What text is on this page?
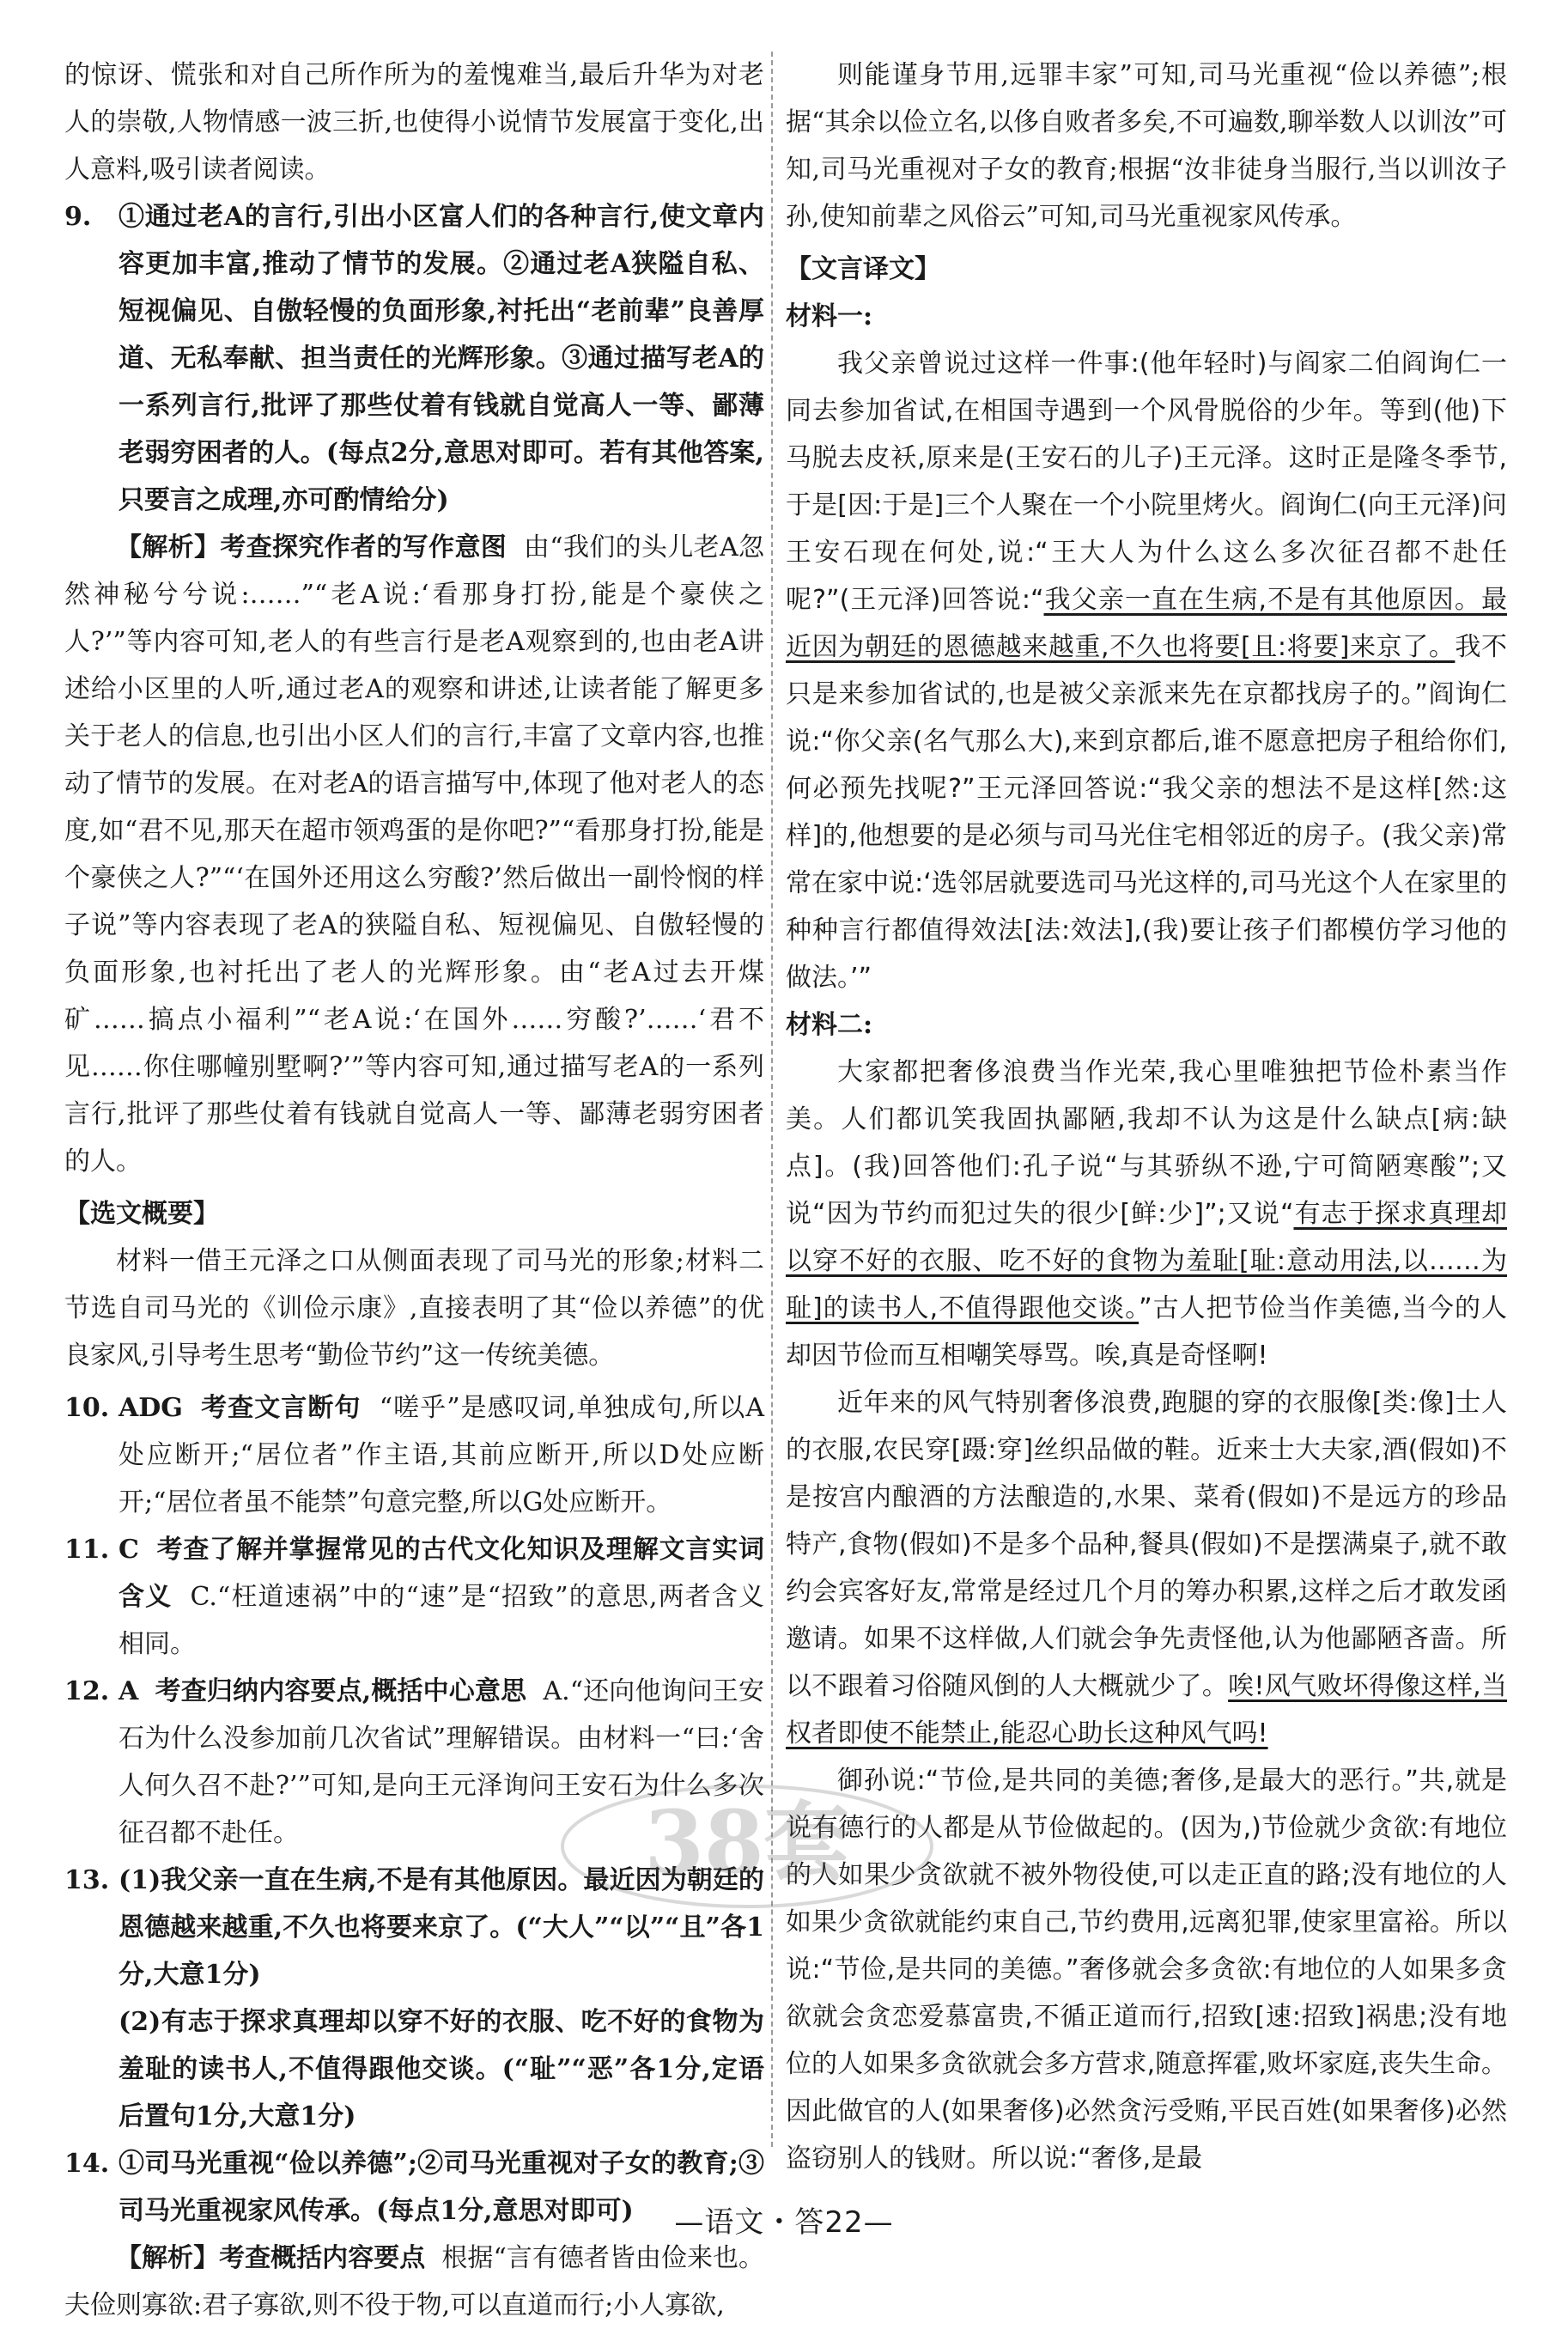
的惊讶、慌张和对自己所作所为的羞愧难当,最后升华为对老人的崇敬,人物情感一波三折,也使得小说情节发展富于变化,出人意料,吸引读者阅读。

9. ①通过老A的言行,引出小区富人们的各种言行,使文章内容更加丰富,推动了情节的发展。②通过老A狭隘自私、短视偏见、自傲轻慢的负面形象,衬托出“老前辈”良善厚道、无私奉献、担当责任的光辉形象。③通过描写老A的一系列言行,批评了那些仗着有钱就自觉高人一等、鄙薄老弱穷困者的人。(每点2分,意思对即可。若有其他答案,只要言之成理,亦可酌情给分)

【解析】考查探究作者的写作意图 由“我们的头儿老A忽然神秘兮兮说:……”“老A说:‘看那身打扮,能是个豪侠之人?’”等内容可知,老人的有些言行是老A观察到的,也由老A讲述给小区里的人听,通过老A的观察和讲述,让读者能了解更多关于老人的信息,也引出小区人们的言行,丰富了文章内容,也推动了情节的发展。在对老A的语言描写中,体现了他对老人的态度,如“君不见,那天在超市领鸡蛋的是你吧?”“看那身打扮,能是个豪侠之人?”“‘在国外还用这么穷酸?’然后做出一副怜悯的样子说”等内容表现了老A的狭隘自私、短视偏见、自傲轻慢的负面形象,也衬托出了老人的光辉形象。由“老A过去开煤矿……搞点小福利”“老A说:‘在国外……穷酸?’……‘君不见……你住哪幢别墅啊?’”等内容可知,通过描写老A的一系列言行,批评了那些仗着有钱就自觉高人一等、鄙薄老弱穷困者的人。

【选文概要】

材料一借王元泽之口从侧面表现了司马光的形象;材料二节选自司马光的《训俭示康》,直接表明了其“俭以养德”的优良家风,引导考生思考“勤俭节约”这一传统美德。

10. ADG 考查文言断句 “嗟乎”是感叹词,单独成句,所以A处应断开;“居位者”作主语,其前应断开,所以D处应断开;“居位者虽不能禁”句意完整,所以G处应断开。
11. C 考查了解并掌握常见的古代文化知识及理解文言实词含义 C.“枉道速祸”中的“速”是“招致”的意思,两者含义相同。
12. A 考查归纳内容要点,概括中心意思 A.“还向他询问王安石为什么没参加前几次省试”理解错误。由材料一“曰:‘舍人何久召不赴?’”可知,是向王元泽询问王安石为什么多次征召都不赴任。
13. (1)我父亲一直在生病,不是有其他原因。最近因为朝廷的恩德越来越重,不久也将要来京了。(“大人”“以”“且”各1分,大意1分)
(2)有志于探求真理却以穿不好的衣服、吃不好的食物为羞耻的读书人,不值得跟他交谈。(“耻”“恶”各1分,定语后置句1分,大意1分)
14. ①司马光重视“俭以养德”;②司马光重视对子女的教育;③司马光重视家风传承。(每点1分,意思对即可)

【解析】考查概括内容要点 根据“言有德者皆由俭来也。夫俭则寡欲:君子寡欲,则不役于物,可以直道而行;小人寡欲,

则能谨身节用,远罪丰家”可知,司马光重视“俭以养德”;根据“其余以俭立名,以侈自败者多矣,不可遍数,聊举数人以训汝”可知,司马光重视对子女的教育;根据“汝非徒身当服行,当以训汝子孙,使知前辈之风俗云”可知,司马光重视家风传承。

【文言译文】

材料一:

我父亲曾说过这样一件事:(他年轻时)与阎家二伯阎询仁一同去参加省试,在相国寺遇到一个风骨脱俗的少年。等到(他)下马脱去皮袄,原来是(王安石的儿子)王元泽。这时正是隆冬季节,于是[因:于是]三个人聚在一个小院里烤火。阎询仁(向王元泽)问王安石现在何处,说:“王大人为什么这么多次征召都不赴任呢?”(王元泽)回答说:“我父亲一直在生病,不是有其他原因。最近因为朝廷的恩德越来越重,不久也将要[且:将要]来京了。我不只是来参加省试的,也是被父亲派来先在京都找房子的。”阎询仁说:“你父亲(名气那么大),来到京都后,谁不愿意把房子租给你们,何必预先找呢?”王元泽回答说:“我父亲的想法不是这样[然:这样]的,他想要的是必须与司马光住宅相邻近的房子。(我父亲)常常在家中说:‘选邻居就要选司马光这样的,司马光这个人在家里的种种言行都值得效法[法:效法],(我)要让孩子们都模仿学习他的做法。’”

材料二:

大家都把奢侈浪费当作光荣,我心里唯独把节俭朴素当作美。人们都讥笑我固执鄙陋,我却不认为这是什么缺点[病:缺点]。(我)回答他们:孔子说“与其骄纵不逊,宁可简陋寒酸”;又说“因为节约而犯过失的很少[鲜:少]”;又说“有志于探求真理却以穿不好的衣服、吃不好的食物为羞耻[耻:意动用法,以……为耻]的读书人,不值得跟他交谈。”古人把节俭当作美德,当今的人却因节俭而互相嘲笑辱骂。唉,真是奇怪啊!

近年来的风气特别奢侈浪费,跑腿的穿的衣服像[类:像]士人的衣服,农民穿[蹑:穿]丝织品做的鞋。近来士大夫家,酒(假如)不是按宫内酿酒的方法酿造的,水果、菜肴(假如)不是远方的珍品特产,食物(假如)不是多个品种,餐具(假如)不是摆满桌子,就不敢约会宾客好友,常常是经过几个月的筹办积累,这样之后才敢发函邀请。如果不这样做,人们就会争先责怪他,认为他鄙陋吝啬。所以不跟着习俗随风倒的人大概就少了。唉!风气败坏得像这样,当权者即使不能禁止,能忍心助长这种风气吗!

御孙说:“节俭,是共同的美德;奢侈,是最大的恶行。”共,就是说有德行的人都是从节俭做起的。(因为,)节俭就少贪欲:有地位的人如果少贪欲就不被外物役使,可以走正直的路;没有地位的人如果少贪欲就能约束自己,节约费用,远离犯罪,使家里富裕。所以说:“节俭,是共同的美德。”奢侈就会多贪欲:有地位的人如果多贪欲就会贪恋爱慕富贵,不循正道而行,招致[速:招致]祸患;没有地位的人如果多贪欲就会多方营求,随意挥霍,败坏家庭,丧失生命。因此做官的人(如果奢侈)必然贪污受贿,平民百姓(如果奢侈)必然盗窃别人的钱财。所以说:“奢侈,是最

38套
—语文・答22—
